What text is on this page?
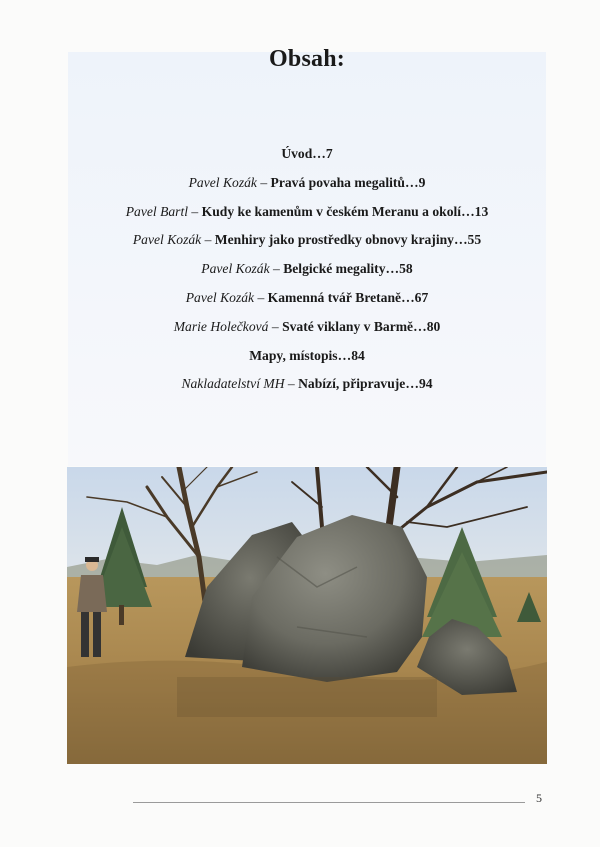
Obsah:
Úvod…7
Pavel Kozák – Pravá povaha megalitů…9
Pavel Bartl – Kudy ke kamenům v českém Meranu a okolí…13
Pavel Kozák – Menhiry jako prostředky obnovy krajiny…55
Pavel Kozák – Belgické megality…58
Pavel Kozák – Kamenná tvář Bretaně…67
Marie Holečková – Svaté viklany v Barmě…80
Mapy, místopis…84
Nakladatelství MH – Nabízí, připravuje…94
5
